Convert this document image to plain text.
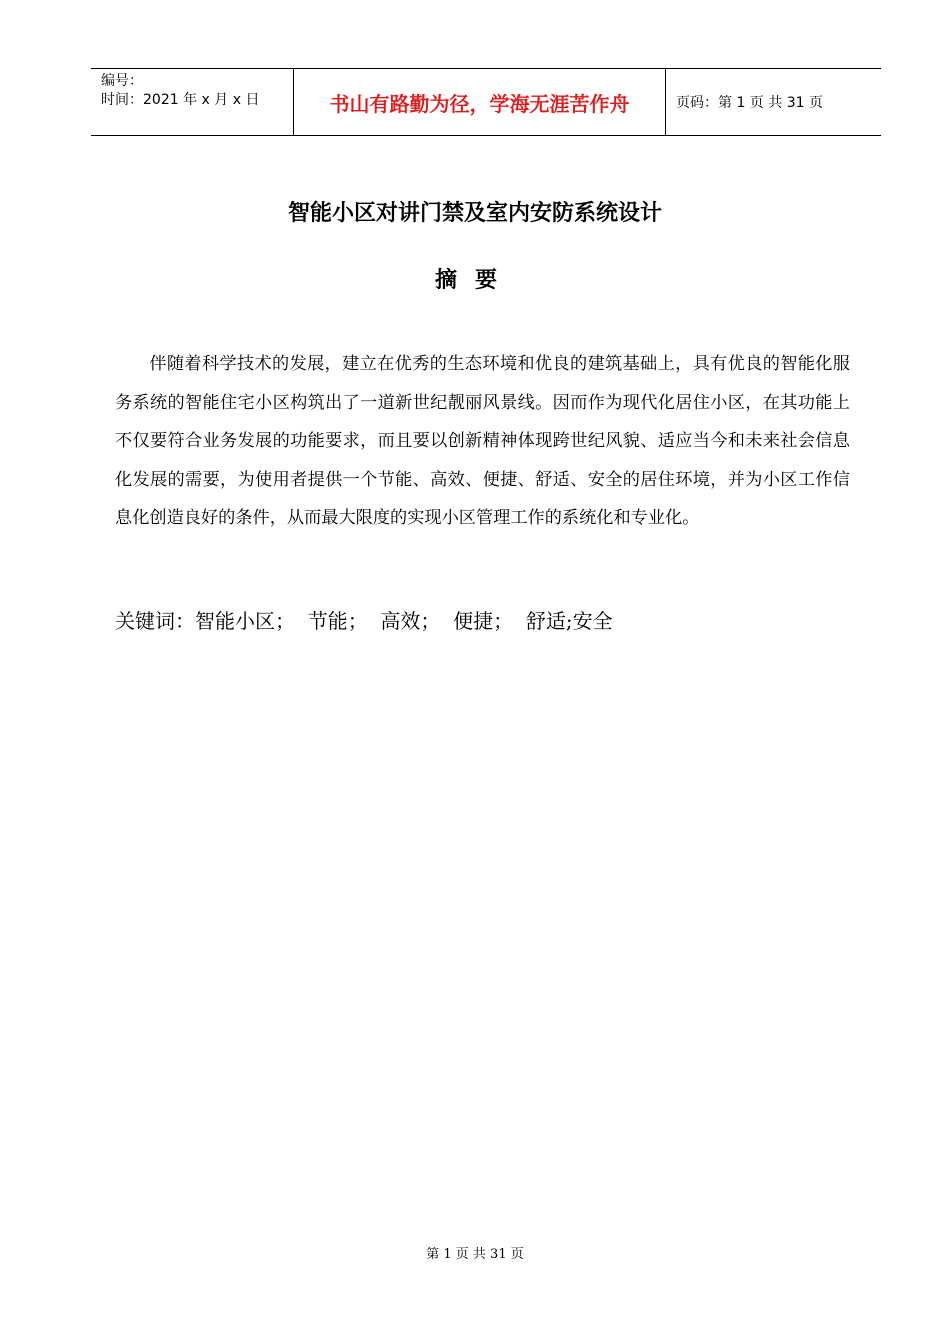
编号：
时间：2021 年 x 月 x 日	书山有路勤为径，学海无涯苦作舟	页码：第 1 页 共 31 页
智能小区对讲门禁及室内安防系统设计
摘要

伴随着科学技术的发展，建立在优秀的生态环境和优良的建筑基础上，具有优良的智能化服务系统的智能住宅小区构筑出了一道新世纪靓丽风景线。因而作为现代化居住小区，在其功能上不仅要符合业务发展的功能要求，而且要以创新精神体现跨世纪风貌、适应当今和未来社会信息化发展的需要，为使用者提供一个节能、高效、便捷、舒适、安全的居住环境，并为小区工作信息化创造良好的条件，从而最大限度的实现小区管理工作的系统化和专业化。

关键词：智能小区；  节能；  高效；  便捷；  舒适;安全
第 1 页 共 31 页
